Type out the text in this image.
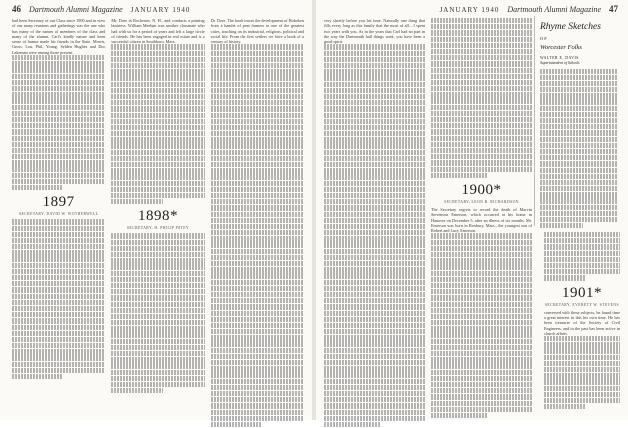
46 Dartmouth Alumni Magazine JANUARY 1940
had been Secretary of our Class since 1900 and in view of our many reunions and gatherings was the one who has many of the names of members of the class and many of the alumni. Carl's kindly nature and keen sense of humor made his friends in the State. Morris, Gross, Lou, Phil, Young, Selden Hughes and Doc Lakeman were among those present.
1897
SECRETARY, DAVID W. WOTHERWELL
Mr. Dore in Rochester, N. H., and conducts a printing business. William Meehan was another classmate who had with us for a period of years and left a large circle of friends. He has been engaged in real estate and is a successful citizen in Southboro, Mass.
1898*
SECRETARY, H. PHILIP PATEY
Dr. Dore. The book traces the development of Hoboken from a hamlet of peat farmers to one of the greatest cities, touching on its industrial, religious, political and social life. From the first settlers we have a book of a century of history.
JANUARY 1940 Dartmouth Alumni Magazine 47
very shortly before you his time. Naturally one thing that fills every long as this family that the most of all... I spent two years with you. As in the years that Carl had no part in the way the Dartmouth hall things went, you have been a good spirit.
1900*
SECRETARY, LEON B. RICHARDSON
The Secretary regrets to record the death of Marvin Stevenson Emerson, which occurred at his home in Hanover on December 5, after an illness of six months. Mr. Emerson was born in Roxbury, Mass., the youngest son of Robert and Lucy Emerson.
Rhyme Sketches
OF
Worcester Folks
WALTER E. DAVIS
Superintendent of Schools
1901*
SECRETARY, EVERETT W. STEVENS
conversed with these subjects, he found time a great interest in this his own time. He has been treasurer of the Society of Civil Engineers, and in the past has been active in church affairs.
